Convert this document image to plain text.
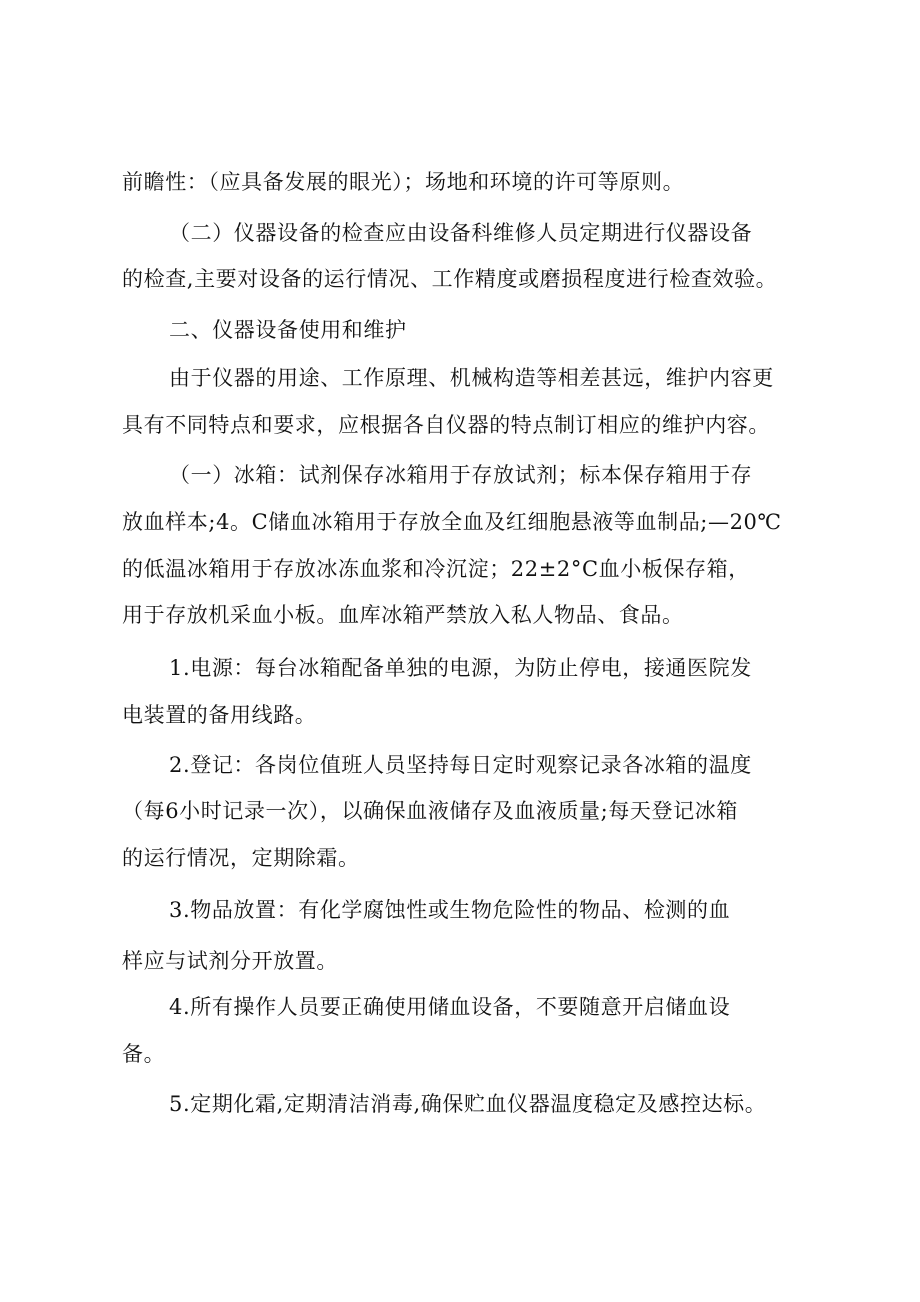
前瞻性：（应具备发展的眼光）；场地和环境的许可等原则。
（二）仪器设备的检查应由设备科维修人员定期进行仪器设备
的检查,主要对设备的运行情况、工作精度或磨损程度进行检查效验。
二、仪器设备使用和维护
由于仪器的用途、工作原理、机械构造等相差甚远，维护内容更
具有不同特点和要求，应根据各自仪器的特点制订相应的维护内容。
（一）冰箱：试剂保存冰箱用于存放试剂；标本保存箱用于存
放血样本;4。C储血冰箱用于存放全血及红细胞悬液等血制品;—20℃
的低温冰箱用于存放冰冻血浆和冷沉淀；22±2°C血小板保存箱，
用于存放机采血小板。血库冰箱严禁放入私人物品、食品。
1.电源：每台冰箱配备单独的电源，为防止停电，接通医院发
电装置的备用线路。
2.登记：各岗位值班人员坚持每日定时观察记录各冰箱的温度
（每6小时记录一次），以确保血液储存及血液质量;每天登记冰箱
的运行情况，定期除霜。
3.物品放置：有化学腐蚀性或生物危险性的物品、检测的血
样应与试剂分开放置。
4.所有操作人员要正确使用储血设备，不要随意开启储血设
备。
5.定期化霜,定期清洁消毒,确保贮血仪器温度稳定及感控达标。
